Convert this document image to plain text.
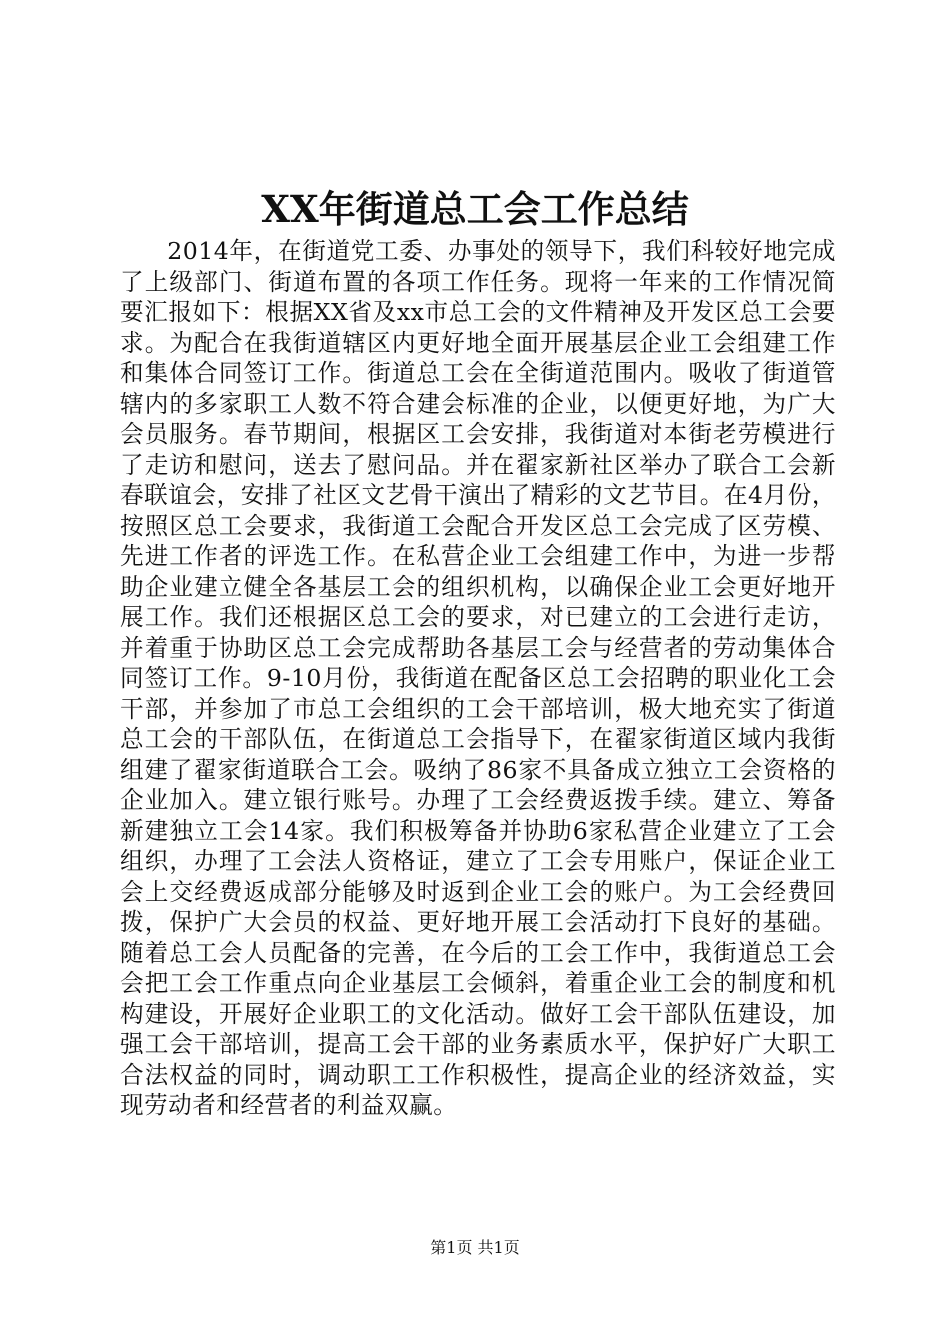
XX年街道总工会工作总结

2014年，在街道党工委、办事处的领导下，我们科较好地完成了上级部门、街道布置的各项工作任务。现将一年来的工作情况简要汇报如下：根据XX省及xx市总工会的文件精神及开发区总工会要求。为配合在我街道辖区内更好地全面开展基层企业工会组建工作和集体合同签订工作。街道总工会在全街道范围内。吸收了街道管辖内的多家职工人数不符合建会标准的企业，以便更好地，为广大会员服务。春节期间，根据区工会安排，我街道对本街老劳模进行了走访和慰问，送去了慰问品。并在翟家新社区举办了联合工会新春联谊会，安排了社区文艺骨干演出了精彩的文艺节目。在4月份，按照区总工会要求，我街道工会配合开发区总工会完成了区劳模、先进工作者的评选工作。在私营企业工会组建工作中，为进一步帮助企业建立健全各基层工会的组织机构，以确保企业工会更好地开展工作。我们还根据区总工会的要求，对已建立的工会进行走访，并着重于协助区总工会完成帮助各基层工会与经营者的劳动集体合同签订工作。9-10月份，我街道在配备区总工会招聘的职业化工会干部，并参加了市总工会组织的工会干部培训，极大地充实了街道总工会的干部队伍，在街道总工会指导下，在翟家街道区域内我街组建了翟家街道联合工会。吸纳了86家不具备成立独立工会资格的企业加入。建立银行账号。办理了工会经费返拨手续。建立、筹备新建独立工会14家。我们积极筹备并协助6家私营企业建立了工会组织，办理了工会法人资格证，建立了工会专用账户，保证企业工会上交经费返成部分能够及时返到企业工会的账户。为工会经费回拨，保护广大会员的权益、更好地开展工会活动打下良好的基础。随着总工会人员配备的完善，在今后的工会工作中，我街道总工会会把工会工作重点向企业基层工会倾斜，着重企业工会的制度和机构建设，开展好企业职工的文化活动。做好工会干部队伍建设，加强工会干部培训，提高工会干部的业务素质水平，保护好广大职工合法权益的同时，调动职工工作积极性，提高企业的经济效益，实现劳动者和经营者的利益双赢。

第1页 共1页
